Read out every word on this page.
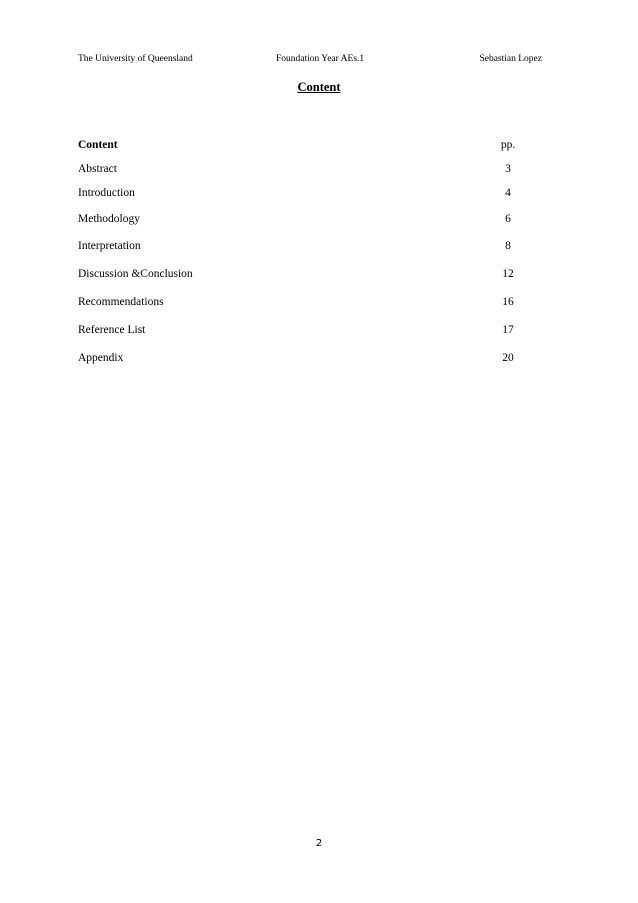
The University of Queensland	Foundation Year AEs.1	Sebastian Lopez
Content
Content	pp.
Abstract	3
Introduction	4
Methodology	6
Interpretation	8
Discussion &Conclusion	12
Recommendations	16
Reference List	17
Appendix	20
2
